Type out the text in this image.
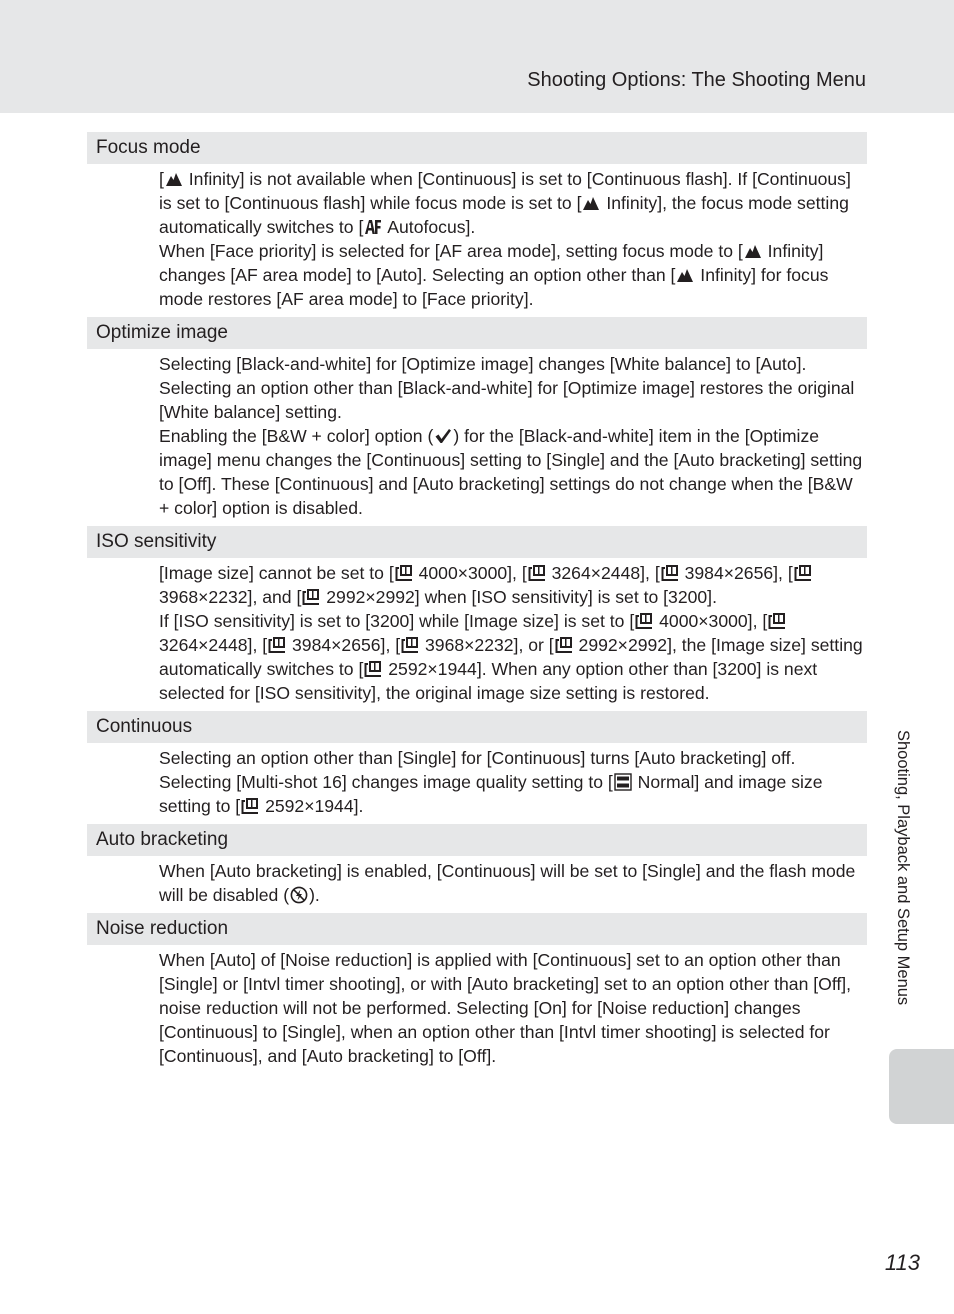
Shooting Options: The Shooting Menu
Focus mode

[
Infinity] is not available when [Continuous] is set to [Continuous flash]. If [Continuous] is set to [Continuous flash] while focus mode is set to [
Infinity], the focus mode setting automatically switches to [
Autofocus].

When [Face priority] is selected for [AF area mode], setting focus mode to [
Infinity] changes [AF area mode] to [Auto]. Selecting an option other than [
Infinity] for focus mode restores [AF area mode] to [Face priority].

Optimize image

Selecting [Black-and-white] for [Optimize image] changes [White balance] to [Auto]. Selecting an option other than [Black-and-white] for [Optimize image] restores the original [White balance] setting.

Enabling the [B&W + color] option ( ) for the [Black-and-white] item in the [Optimize image] menu changes the [Continuous] setting to [Single] and the [Auto bracketing] setting to [Off]. These [Continuous] and [Auto bracketing] settings do not change when the [B&W + color] option is disabled.

ISO sensitivity

[Image size] cannot be set to [
4000×3000], [
3264×2448], [
3984×2656], [
3968×2232], and [
2992×2992] when [ISO sensitivity] is set to [3200].

If [ISO sensitivity] is set to [3200] while [Image size] is set to [
4000×3000], [
3264×2448], [
3984×2656], [
3968×2232], or [
2992×2992], the [Image size] setting automatically switches to [
2592×1944]. When any option other than [3200] is next selected for [ISO sensitivity], the original image size setting is restored.

Continuous

Selecting an option other than [Single] for [Continuous] turns [Auto bracketing] off. Selecting [Multi-shot 16] changes image quality setting to [
Normal] and image size setting to [
2592×1944].

Auto bracketing

When [Auto bracketing] is enabled, [Continuous] will be set to [Single] and the flash mode will be disabled ( ).

Noise reduction

When [Auto] of [Noise reduction] is applied with [Continuous] set to an option other than [Single] or [Intvl timer shooting], or with [Auto bracketing] set to an option other than [Off], noise reduction will not be performed. Selecting [On] for [Noise reduction] changes [Continuous] to [Single], when an option other than [Intvl timer shooting] is selected for [Continuous], and [Auto bracketing] to [Off].

Shooting, Playback and Setup Menus
113
